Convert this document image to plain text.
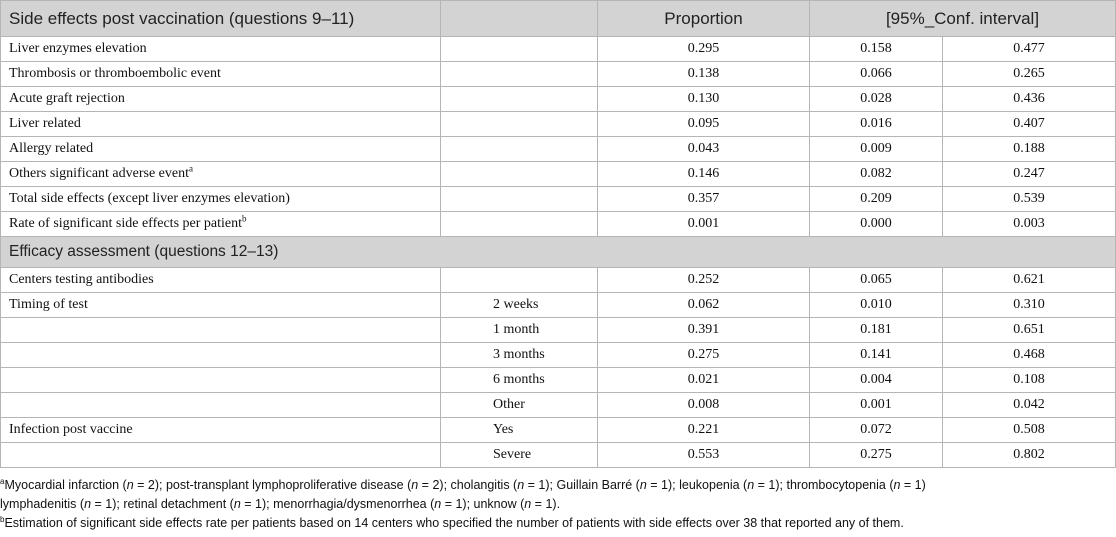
Side effects post vaccination (questions 9–11)		Proportion	[95%_Conf. interval]	
Liver enzymes elevation		0.295	0.158	0.477
Thrombosis or thromboembolic event		0.138	0.066	0.265
Acute graft rejection		0.130	0.028	0.436
Liver related		0.095	0.016	0.407
Allergy related		0.043	0.009	0.188
Others significant adverse event$^a$		0.146	0.082	0.247
Total side effects (except liver enzymes elevation)		0.357	0.209	0.539
Rate of significant side effects per patient$^b$		0.001	0.000	0.003
Efficacy assessment (questions 12–13)				
Centers testing antibodies		0.252	0.065	0.621
Timing of test	2 weeks	0.062	0.010	0.310
	1 month	0.391	0.181	0.651
	3 months	0.275	0.141	0.468
	6 months	0.021	0.004	0.108
	Other	0.008	0.001	0.042
Infection post vaccine	Yes	0.221	0.072	0.508
	Severe	0.553	0.275	0.802
$^a$Myocardial infarction (n = 2); post-transplant lymphoproliferative disease (n = 2); cholangitis (n = 1); Guillain Barré (n = 1); leukopenia (n = 1); thrombocytopenia (n = 1)
lymphadenitis (n = 1); retinal detachment (n = 1); menorrhagia/dysmenorrhea (n = 1); unknow (n = 1).
$^b$Estimation of significant side effects rate per patients based on 14 centers who specified the number of patients with side effects over 38 that reported any of them.
